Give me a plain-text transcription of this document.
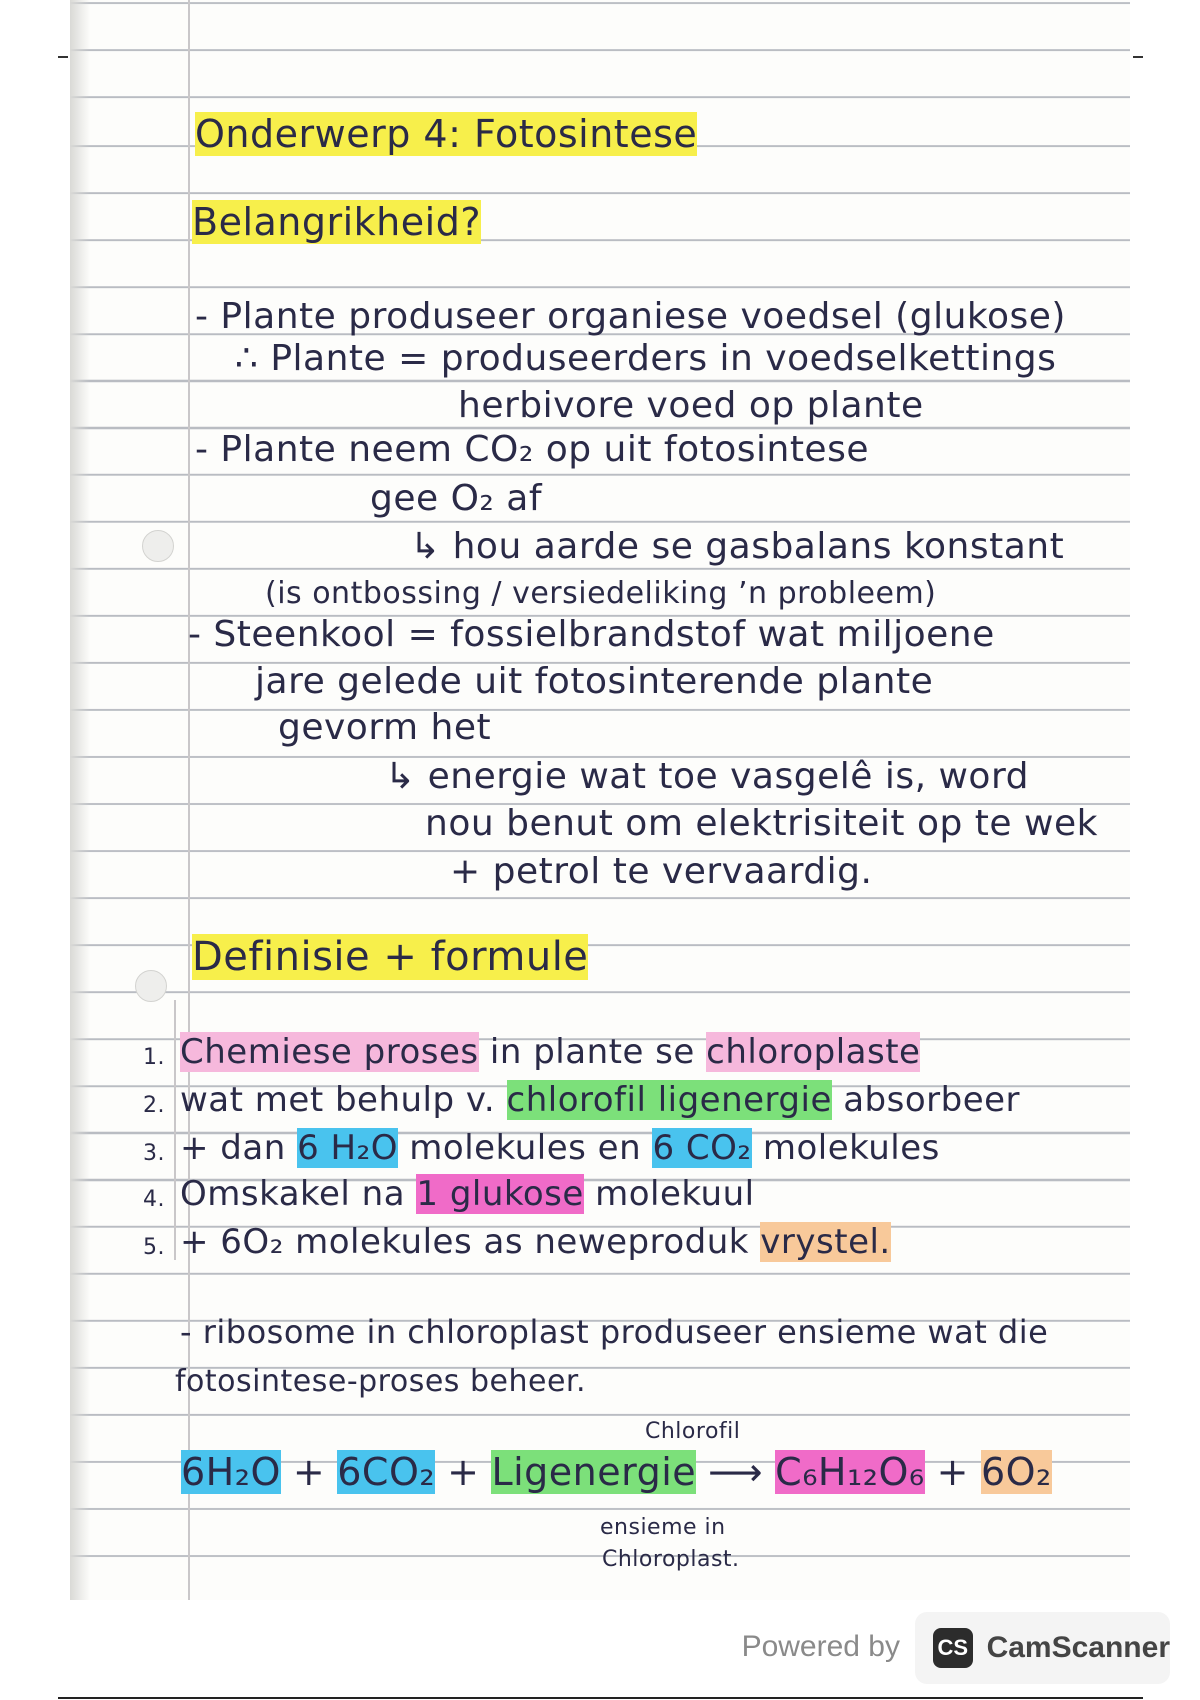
Onderwerp 4: Fotosintese
Belangrikheid?
- Plante produseer organiese voedsel (glukose)
∴ Plante = produseerders in voedselkettings
herbivore voed op plante
- Plante neem CO₂ op uit fotosintese
gee O₂ af
↳ hou aarde se gasbalans konstant
(is ontbossing / versiedeliking ʼn probleem)
- Steenkool = fossielbrandstof wat miljoene
jare gelede uit fotosinterende plante
gevorm het
↳ energie wat toe vasgelê is, word
nou benut om elektrisiteit op te wek
+ petrol te vervaardig.
Definisie + formule
1. Chemiese proses in plante se chloroplaste
2. wat met behulp v. chlorofil ligenergie absorbeer
3. + dan 6 H₂O molekules en 6 CO₂ molekules
4. Omskakel na 1 glukose molekuul
5. + 6O₂ molekules as neweproduk vrystel.
- ribosome in chloroplast produseer ensieme wat die
fotosintese-proses beheer.
Chlorofil
6H₂O + 6CO₂ + Ligenergie ⟶ C₆H₁₂O₆ + 6O₂
ensieme in
Chloroplast.
Powered by CS CamScanner
